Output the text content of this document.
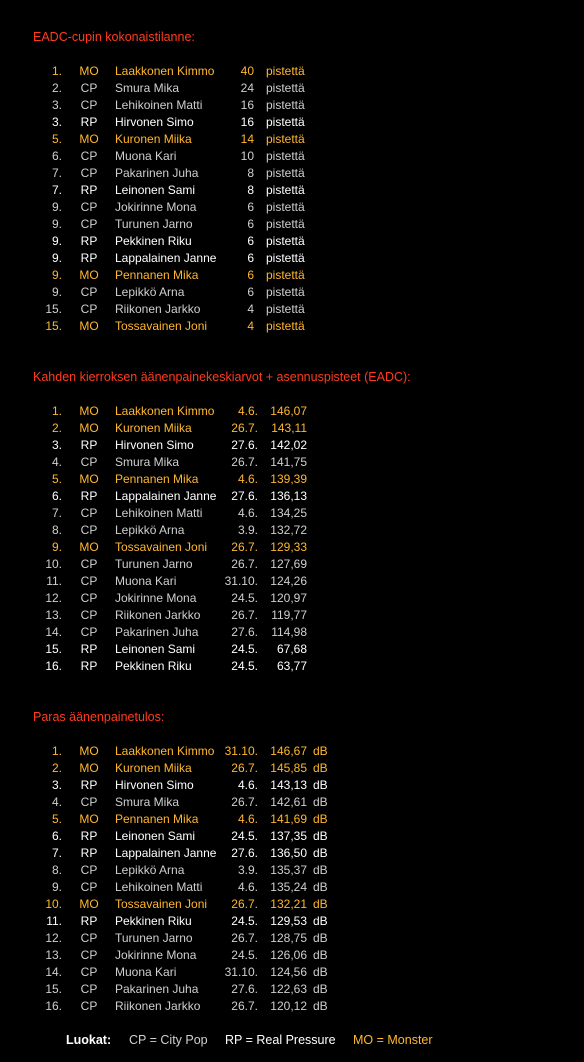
EADC-cupin kokonaistilanne:
1.	MO	Laakkonen Kimmo	40 pistettä
2.	CP	Smura Mika	24 pistettä
3.	CP	Lehikoinen Matti	16 pistettä
3.	RP	Hirvonen Simo	16 pistettä
5.	MO	Kuronen Miika	14 pistettä
6.	CP	Muona Kari	10 pistettä
7.	CP	Pakarinen Juha	8 pistettä
7.	RP	Leinonen Sami	8 pistettä
9.	CP	Jokirinne Mona	6 pistettä
9.	CP	Turunen Jarno	6 pistettä
9.	RP	Pekkinen Riku	6 pistettä
9.	RP	Lappalainen Janne	6 pistettä
9.	MO	Pennanen Mika	6 pistettä
9.	CP	Lepikkö Arna	6 pistettä
15.	CP	Riikonen Jarkko	4 pistettä
15.	MO	Tossavainen Joni	4 pistettä
Kahden kierroksen äänenpainekeskiarvot + asennuspisteet (EADC):
1.	MO	Laakkonen Kimmo	4.6.	146,07
2.	MO	Kuronen Miika	26.7.	143,11
3.	RP	Hirvonen Simo	27.6.	142,02
4.	CP	Smura Mika	26.7.	141,75
5.	MO	Pennanen Mika	4.6.	139,39
6.	RP	Lappalainen Janne	27.6.	136,13
7.	CP	Lehikoinen Matti	4.6.	134,25
8.	CP	Lepikkö Arna	3.9.	132,72
9.	MO	Tossavainen Joni	26.7.	129,33
10.	CP	Turunen Jarno	26.7.	127,69
11.	CP	Muona Kari	31.10.	124,26
12.	CP	Jokirinne Mona	24.5.	120,97
13.	CP	Riikonen Jarkko	26.7.	119,77
14.	CP	Pakarinen Juha	27.6.	114,98
15.	RP	Leinonen Sami	24.5.	67,68
16.	RP	Pekkinen Riku	24.5.	63,77
Paras äänenpainetulos:
1.	MO	Laakkonen Kimmo 31.10.	146,67 dB
2.	MO	Kuronen Miika	26.7.	145,85 dB
3.	RP	Hirvonen Simo	4.6.	143,13 dB
4.	CP	Smura Mika	26.7.	142,61 dB
5.	MO	Pennanen Mika	4.6.	141,69 dB
6.	RP	Leinonen Sami	24.5.	137,35 dB
7.	RP	Lappalainen Janne	27.6.	136,50 dB
8.	CP	Lepikkö Arna	3.9.	135,37 dB
9.	CP	Lehikoinen Matti	4.6.	135,24 dB
10.	MO	Tossavainen Joni	26.7.	132,21 dB
11.	RP	Pekkinen Riku	24.5.	129,53 dB
12.	CP	Turunen Jarno	26.7.	128,75 dB
13.	CP	Jokirinne Mona	24.5.	126,06 dB
14.	CP	Muona Kari	31.10.	124,56 dB
15.	CP	Pakarinen Juha	27.6.	122,63 dB
16.	CP	Riikonen Jarkko	26.7.	120,12 dB
Luokat: CP = City Pop RP = Real Pressure MO = Monster
